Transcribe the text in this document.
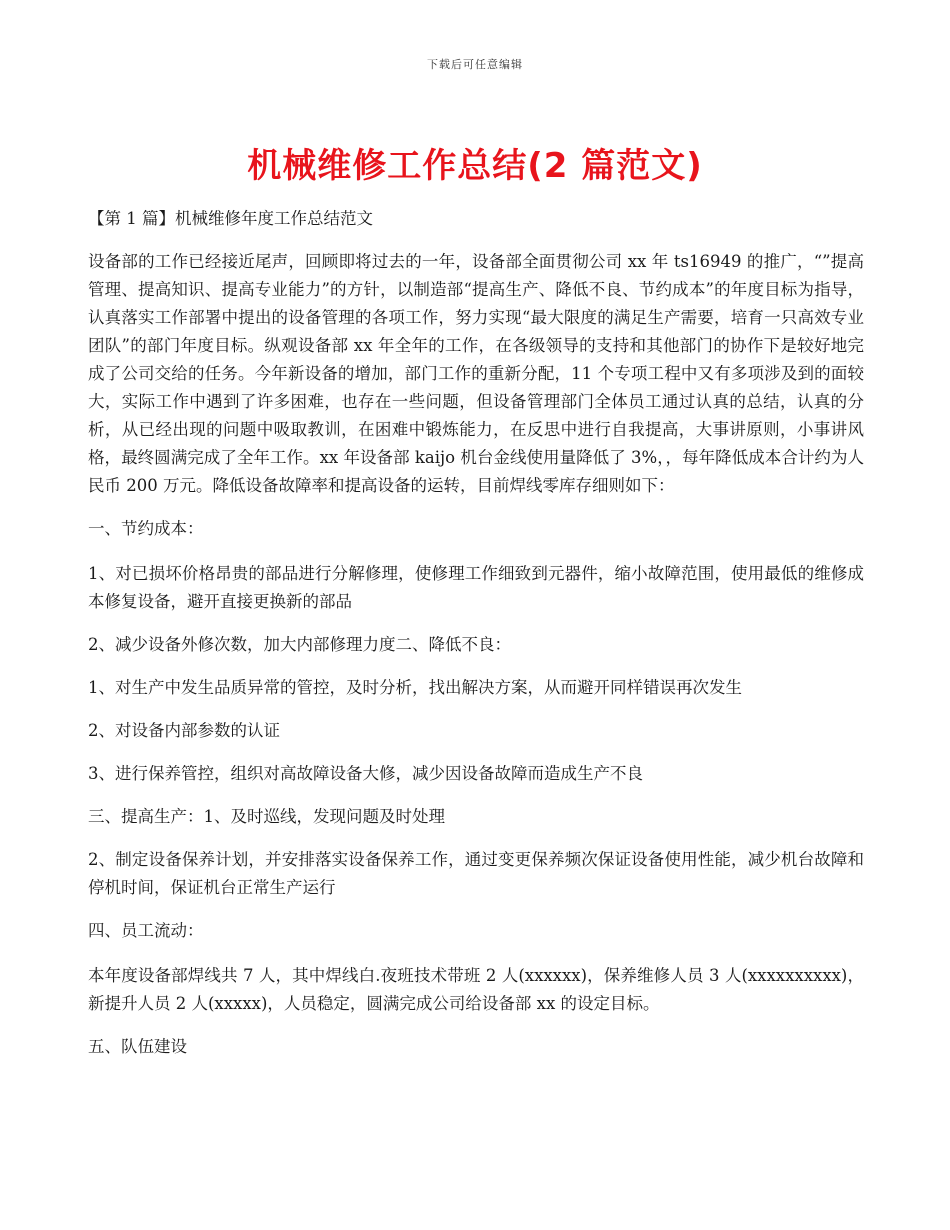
下载后可任意编辑
机械维修工作总结(2 篇范文)

【第 1 篇】机械维修年度工作总结范文

设备部的工作已经接近尾声，回顾即将过去的一年，设备部全面贯彻公司 xx 年 ts16949 的推广，“”提高管理、提高知识、提高专业能力”的方针，以制造部“提高生产、降低不良、节约成本”的年度目标为指导，认真落实工作部署中提出的设备管理的各项工作，努力实现“最大限度的满足生产需要，培育一只高效专业团队”的部门年度目标。纵观设备部 xx 年全年的工作，在各级领导的支持和其他部门的协作下是较好地完成了公司交给的任务。今年新设备的增加，部门工作的重新分配，11 个专项工程中又有多项涉及到的面较大，实际工作中遇到了许多困难，也存在一些问题，但设备管理部门全体员工通过认真的总结，认真的分析，从已经出现的问题中吸取教训，在困难中锻炼能力，在反思中进行自我提高，大事讲原则，小事讲风格，最终圆满完成了全年工作。xx 年设备部 kaijo 机台金线使用量降低了 3%，，每年降低成本合计约为人民币 200 万元。降低设备故障率和提高设备的运转，目前焊线零库存细则如下：

一、节约成本：

1、对已损坏价格昂贵的部品进行分解修理，使修理工作细致到元器件，缩小故障范围，使用最低的维修成本修复设备，避开直接更换新的部品

2、减少设备外修次数，加大内部修理力度二、降低不良：

1、对生产中发生品质异常的管控，及时分析，找出解决方案，从而避开同样错误再次发生

2、对设备内部参数的认证

3、进行保养管控，组织对高故障设备大修，减少因设备故障而造成生产不良

三、提高生产：1、及时巡线，发现问题及时处理

2、制定设备保养计划，并安排落实设备保养工作，通过变更保养频次保证设备使用性能，减少机台故障和停机时间，保证机台正常生产运行

四、员工流动：

本年度设备部焊线共 7 人，其中焊线白.夜班技术带班 2 人(xxxxxx)，保养维修人员 3 人(xxxxxxxxxx)，新提升人员 2 人(xxxxx)，人员稳定，圆满完成公司给设备部 xx 的设定目标。

五、队伍建设
